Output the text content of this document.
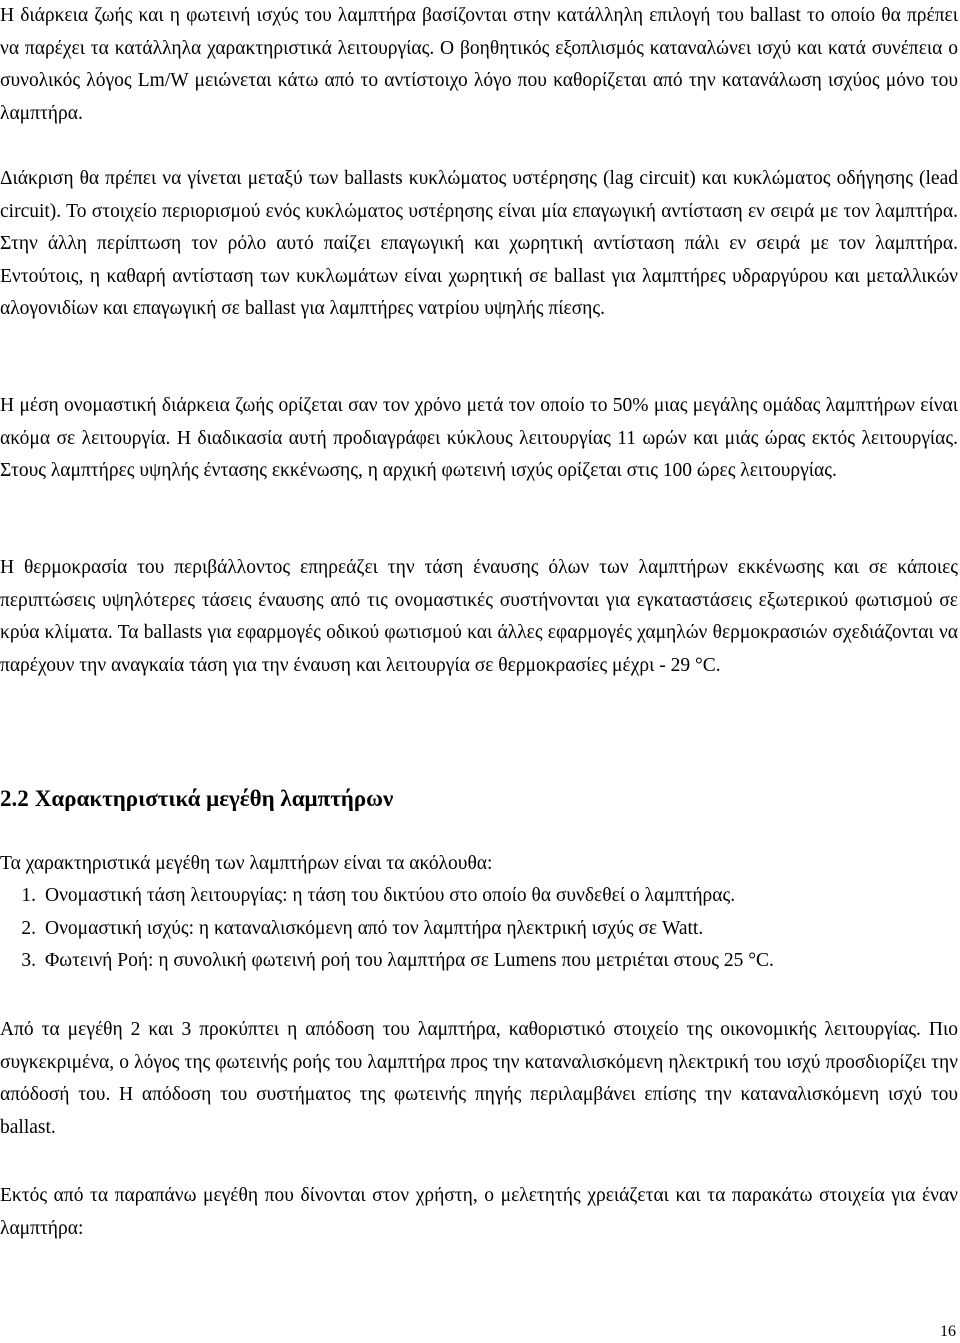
Η διάρκεια ζωής και η φωτεινή ισχύς του λαμπτήρα βασίζονται στην κατάλληλη επιλογή του ballast το οποίο θα πρέπει να παρέχει τα κατάλληλα χαρακτηριστικά λειτουργίας. Ο βοηθητικός εξοπλισμός καταναλώνει ισχύ και κατά συνέπεια ο συνολικός λόγος Lm/W μειώνεται κάτω από το αντίστοιχο λόγο που καθορίζεται από την κατανάλωση ισχύος μόνο του λαμπτήρα.

Διάκριση θα πρέπει να γίνεται μεταξύ των ballasts κυκλώματος υστέρησης (lag circuit) και κυκλώματος οδήγησης (lead circuit). Το στοιχείο περιορισμού ενός κυκλώματος υστέρησης είναι μία επαγωγική αντίσταση εν σειρά με τον λαμπτήρα. Στην άλλη περίπτωση τον ρόλο αυτό παίζει επαγωγική και χωρητική αντίσταση πάλι εν σειρά με τον λαμπτήρα. Εντούτοις, η καθαρή αντίσταση των κυκλωμάτων είναι χωρητική σε ballast για λαμπτήρες υδραργύρου και μεταλλικών αλογονιδίων και επαγωγική σε ballast για λαμπτήρες νατρίου υψηλής πίεσης.

Η μέση ονομαστική διάρκεια ζωής ορίζεται σαν τον χρόνο μετά τον οποίο το 50% μιας μεγάλης ομάδας λαμπτήρων είναι ακόμα σε λειτουργία. Η διαδικασία αυτή προδιαγράφει κύκλους λειτουργίας 11 ωρών και μιάς ώρας εκτός λειτουργίας. Στους λαμπτήρες υψηλής έντασης εκκένωσης, η αρχική φωτεινή ισχύς ορίζεται στις 100 ώρες λειτουργίας.

Η θερμοκρασία του περιβάλλοντος επηρεάζει την τάση έναυσης όλων των λαμπτήρων εκκένωσης και σε κάποιες περιπτώσεις υψηλότερες τάσεις έναυσης από τις ονομαστικές συστήνονται για εγκαταστάσεις εξωτερικού φωτισμού σε κρύα κλίματα. Τα ballasts για εφαρμογές οδικού φωτισμού και άλλες εφαρμογές χαμηλών θερμοκρασιών σχεδιάζονται να παρέχουν την αναγκαία τάση για την έναυση και λειτουργία σε θερμοκρασίες μέχρι - 29 °C.

2.2 Χαρακτηριστικά μεγέθη λαμπτήρων

Τα χαρακτηριστικά μεγέθη των λαμπτήρων είναι τα ακόλουθα:

1. Ονομαστική τάση λειτουργίας: η τάση του δικτύου στο οποίο θα συνδεθεί ο λαμπτήρας.
2. Ονομαστική ισχύς: η καταναλισκόμενη από τον λαμπτήρα ηλεκτρική ισχύς σε Watt.
3. Φωτεινή Ροή: η συνολική φωτεινή ροή του λαμπτήρα σε Lumens που μετριέται στους 25 °C.

Από τα μεγέθη 2 και 3 προκύπτει η απόδοση του λαμπτήρα, καθοριστικό στοιχείο της οικονομικής λειτουργίας. Πιο συγκεκριμένα, ο λόγος της φωτεινής ροής του λαμπτήρα προς την καταναλισκόμενη ηλεκτρική του ισχύ προσδιορίζει την απόδοσή του. Η απόδοση του συστήματος της φωτεινής πηγής περιλαμβάνει επίσης την καταναλισκόμενη ισχύ του ballast.

Εκτός από τα παραπάνω μεγέθη που δίνονται στον χρήστη, ο μελετητής χρειάζεται και τα παρακάτω στοιχεία για έναν λαμπτήρα:

16
